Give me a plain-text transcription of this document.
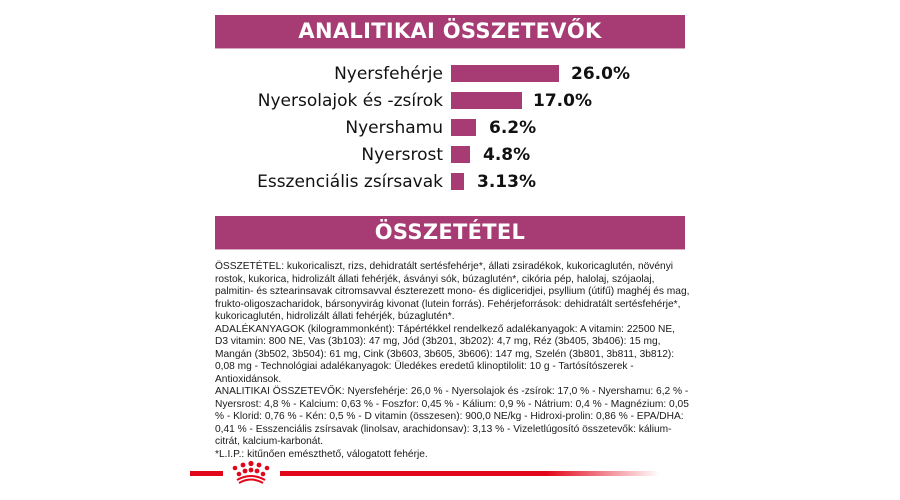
ANALITIKAI ÖSSZETEVŐK
Nyersfehérje	26.0%
Nyersolajok és -zsírok	17.0%
Nyershamu	6.2%
Nyersrost 4.8%
Esszenciális zsírsavak 3.13%
ÖSSZETÉTEL

ÖSSZETÉTEL: kukoricaliszt, rizs, dehidratált sertésfehérje*, állati zsiradékok, kukoricaglutén, növényi rostok, kukorica, hidrolizált állati fehérjék, ásványi sók, búzaglutén*, cikória pép, halolaj, szójaolaj, palmitin- és sztearinsavak citromsavval észterezett mono- és digliceridjei, psyllium (útifű) maghéj és mag, frukto-oligoszacharidok, bársonyvirág kivonat (lutein forrás). Fehérjeforrások: dehidratált sertésfehérje*, kukoricaglutén, hidrolizált állati fehérjék, búzaglutén*.

ADALÉKANYAGOK (kilogrammonként): Tápértékkel rendelkező adalékanyagok: A vitamin: 22500 NE, D3 vitamin: 800 NE, Vas (3b103): 47 mg, Jód (3b201, 3b202): 4,7 mg, Réz (3b405, 3b406): 15 mg, Mangán (3b502, 3b504): 61 mg, Cink (3b603, 3b605, 3b606): 147 mg, Szelén (3b801, 3b811, 3b812): 0,08 mg - Technológiai adalékanyagok: Üledékes eredetű klinoptilolit: 10 g - Tartósítószerek - Antioxidánsok.

ANALITIKAI ÖSSZETEVŐK: Nyersfehérje: 26,0 % - Nyersolajok és -zsírok: 17,0 % - Nyershamu: 6,2 % - Nyersrost: 4,8 % - Kalcium: 0,63 % - Foszfor: 0,45 % - Kálium: 0,9 % - Nátrium: 0,4 % - Magnézium: 0,05 % - Klorid: 0,76 % - Kén: 0,5 % - D vitamin (összesen): 900,0 NE/kg - Hidroxi-prolin: 0,86 % - EPA/DHA: 0,41 % - Esszenciális zsírsavak (linolsav, arachidonsav): 3,13 % - Vizeletlúgosító összetevők: kálium-citrát, kalcium-karbonát.

*L.I.P.: kitűnően emészthető, válogatott fehérje.
